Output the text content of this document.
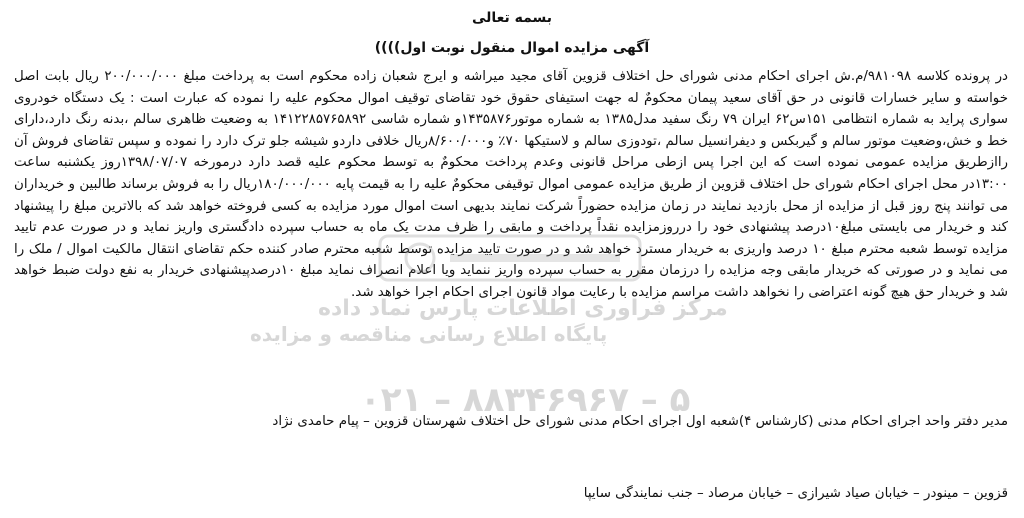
بسمه تعالی
آگهی مزایده اموال منقول نوبت اول))))

در پرونده کلاسه ۹۸۱۰۹۸/م.ش اجرای احکام مدنی شورای حل اختلاف قزوین آقای مجید میراشه و ایرج شعبان زاده محکوم است به پرداخت مبلغ ۲۰۰/۰۰۰/۰۰۰ ریال بابت اصل خواسته و سایر خسارات قانونی در حق آقای سعید پیمان محکومٌ له جهت استیفای حقوق خود تقاضای توقیف اموال محکوم علیه را نموده که عبارت است : یک دستگاه خودروی سواری پراید به شماره انتظامی ۱۵۱س۶۲ ایران ۷۹ رنگ سفید مدل۱۳۸۵ به شماره موتور۱۴۳۵۸۷۶و شماره شاسی ۱۴۱۲۲۸۵۷۶۵۸۹۲ به وضعیت ظاهری سالم ،بدنه رنگ دارد،دارای خط و خش،وضعیت موتور سالم و گیربکس و دیفرانسیل سالم ،تودوزی سالم و لاستیکها ۷۰٪ و۸/۶۰۰/۰۰۰ریال خلافی داردو شیشه جلو ترک دارد را نموده و سپس تقاضای فروش آن رااز‌طریق مزایده عمومی نموده است که این اجرا پس ازطی مراحل قانونی وعدم پرداخت محکومٌ به توسط محکوم علیه قصد دارد درمورخه ۱۳۹۸/۰۷/۰۷روز یکشنبه ساعت ۱۳:۰۰در محل اجرای احکام شورای حل اختلاف قزوین از طریق مزایده عمومی اموال توقیفی محکومٌ علیه را به قیمت پایه ۱۸۰/۰۰۰/۰۰۰ریال را به فروش برساند طالبین و خریداران می توانند پنج روز قبل از مزایده از محل بازدید نمایند در زمان مزایده حضوراً شرکت نمایند بدیهی است اموال مورد مزایده به کسی فروخته خواهد شد که بالاترین مبلغ را پیشنهاد کند و خریدار می بایستی مبلغ۱۰درصد پیشنهادی خود را درروزمزایده نقداً پرداخت و مابقی را ظرف مدت یک ماه به حساب سپرده دادگستری واریز نماید و در صورت عدم تایید مزایده توسط شعبه محترم مبلغ ۱۰ درصد واریزی به خریدار مسترد خواهد شد و در صورت تایید مزایده توسط شعبه محترم صادر کننده حکم تقاضای انتقال مالکیت اموال / ملک را می نماید و در صورتی که خریدار مابقی وجه مزایده را درزمان مقرر به حساب سپرده واریز ننماید ویا اعلام انصراف نماید مبلغ ۱۰درصدپیشنهادی خریدار به نفع دولت ضبط خواهد شد و خریدار حق هیچ گونه اعتراضی را نخواهد داشت مراسم مزایده با رعایت مواد قانون اجرای احکام اجرا خواهد شد.

مدیر دفتر واحد اجرای احکام مدنی (کارشناس ۴)شعبه اول اجرای احکام مدنی شورای حل اختلاف شهرستان قزوین – پیام حامدی نژاد

قزوین – مینودر – خیابان صیاد شیرازی – خیابان مرصاد – جنب نمایندگی سایپا

مرکز فراوری اطلاعات پارس نماد داده
پایگاه اطلاع رسانی مناقصه و مزایده
۰۲۱ – ۸۸۳۴۶۹۶۷ – ۵
